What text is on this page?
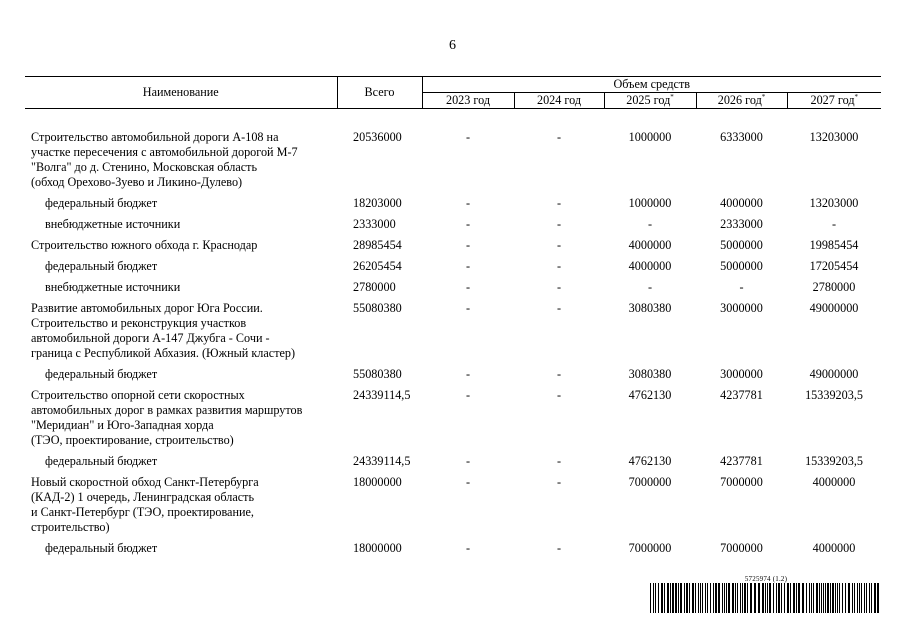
6
Наименование	Всего	Объем средств				
		2023 год	2024 год	2025 год*	2026 год*	2027 год*

Строительство автомобильной дороги А-108 на
участке пересечения с автомобильной дорогой М-7
"Волга" до д. Стенино, Московская область
(обход Орехово-Зуево и Ликино-Дулево)	20536000	-	-	1000000	6333000	13203000

федеральный бюджет	18203000	-	-	1000000	4000000	13203000

внебюджетные источники	2333000	-	-	-	2333000	-

Строительство южного обхода г. Краснодар	28985454	-	-	4000000	5000000	19985454

федеральный бюджет	26205454	-	-	4000000	5000000	17205454

внебюджетные источники	2780000	-	-	-	-	2780000

Развитие автомобильных дорог Юга России.
Строительство и реконструкция участков
автомобильной дороги А-147 Джубга - Сочи -
граница с Республикой Абхазия. (Южный кластер)	55080380	-	-	3080380	3000000	49000000

федеральный бюджет	55080380	-	-	3080380	3000000	49000000

Строительство опорной сети скоростных
автомобильных дорог в рамках развития маршрутов
"Меридиан" и Юго-Западная хорда
(ТЭО, проектирование, строительство)	24339114,5	-	-	4762130	4237781	15339203,5

федеральный бюджет	24339114,5	-	-	4762130	4237781	15339203,5

Новый скоростной обход Санкт-Петербурга
(КАД-2) 1 очередь, Ленинградская область
и Санкт-Петербург (ТЭО, проектирование,
строительство)	18000000	-	-	7000000	7000000	4000000

федеральный бюджет	18000000	-	-	7000000	7000000	4000000
5725974 (1.2)
